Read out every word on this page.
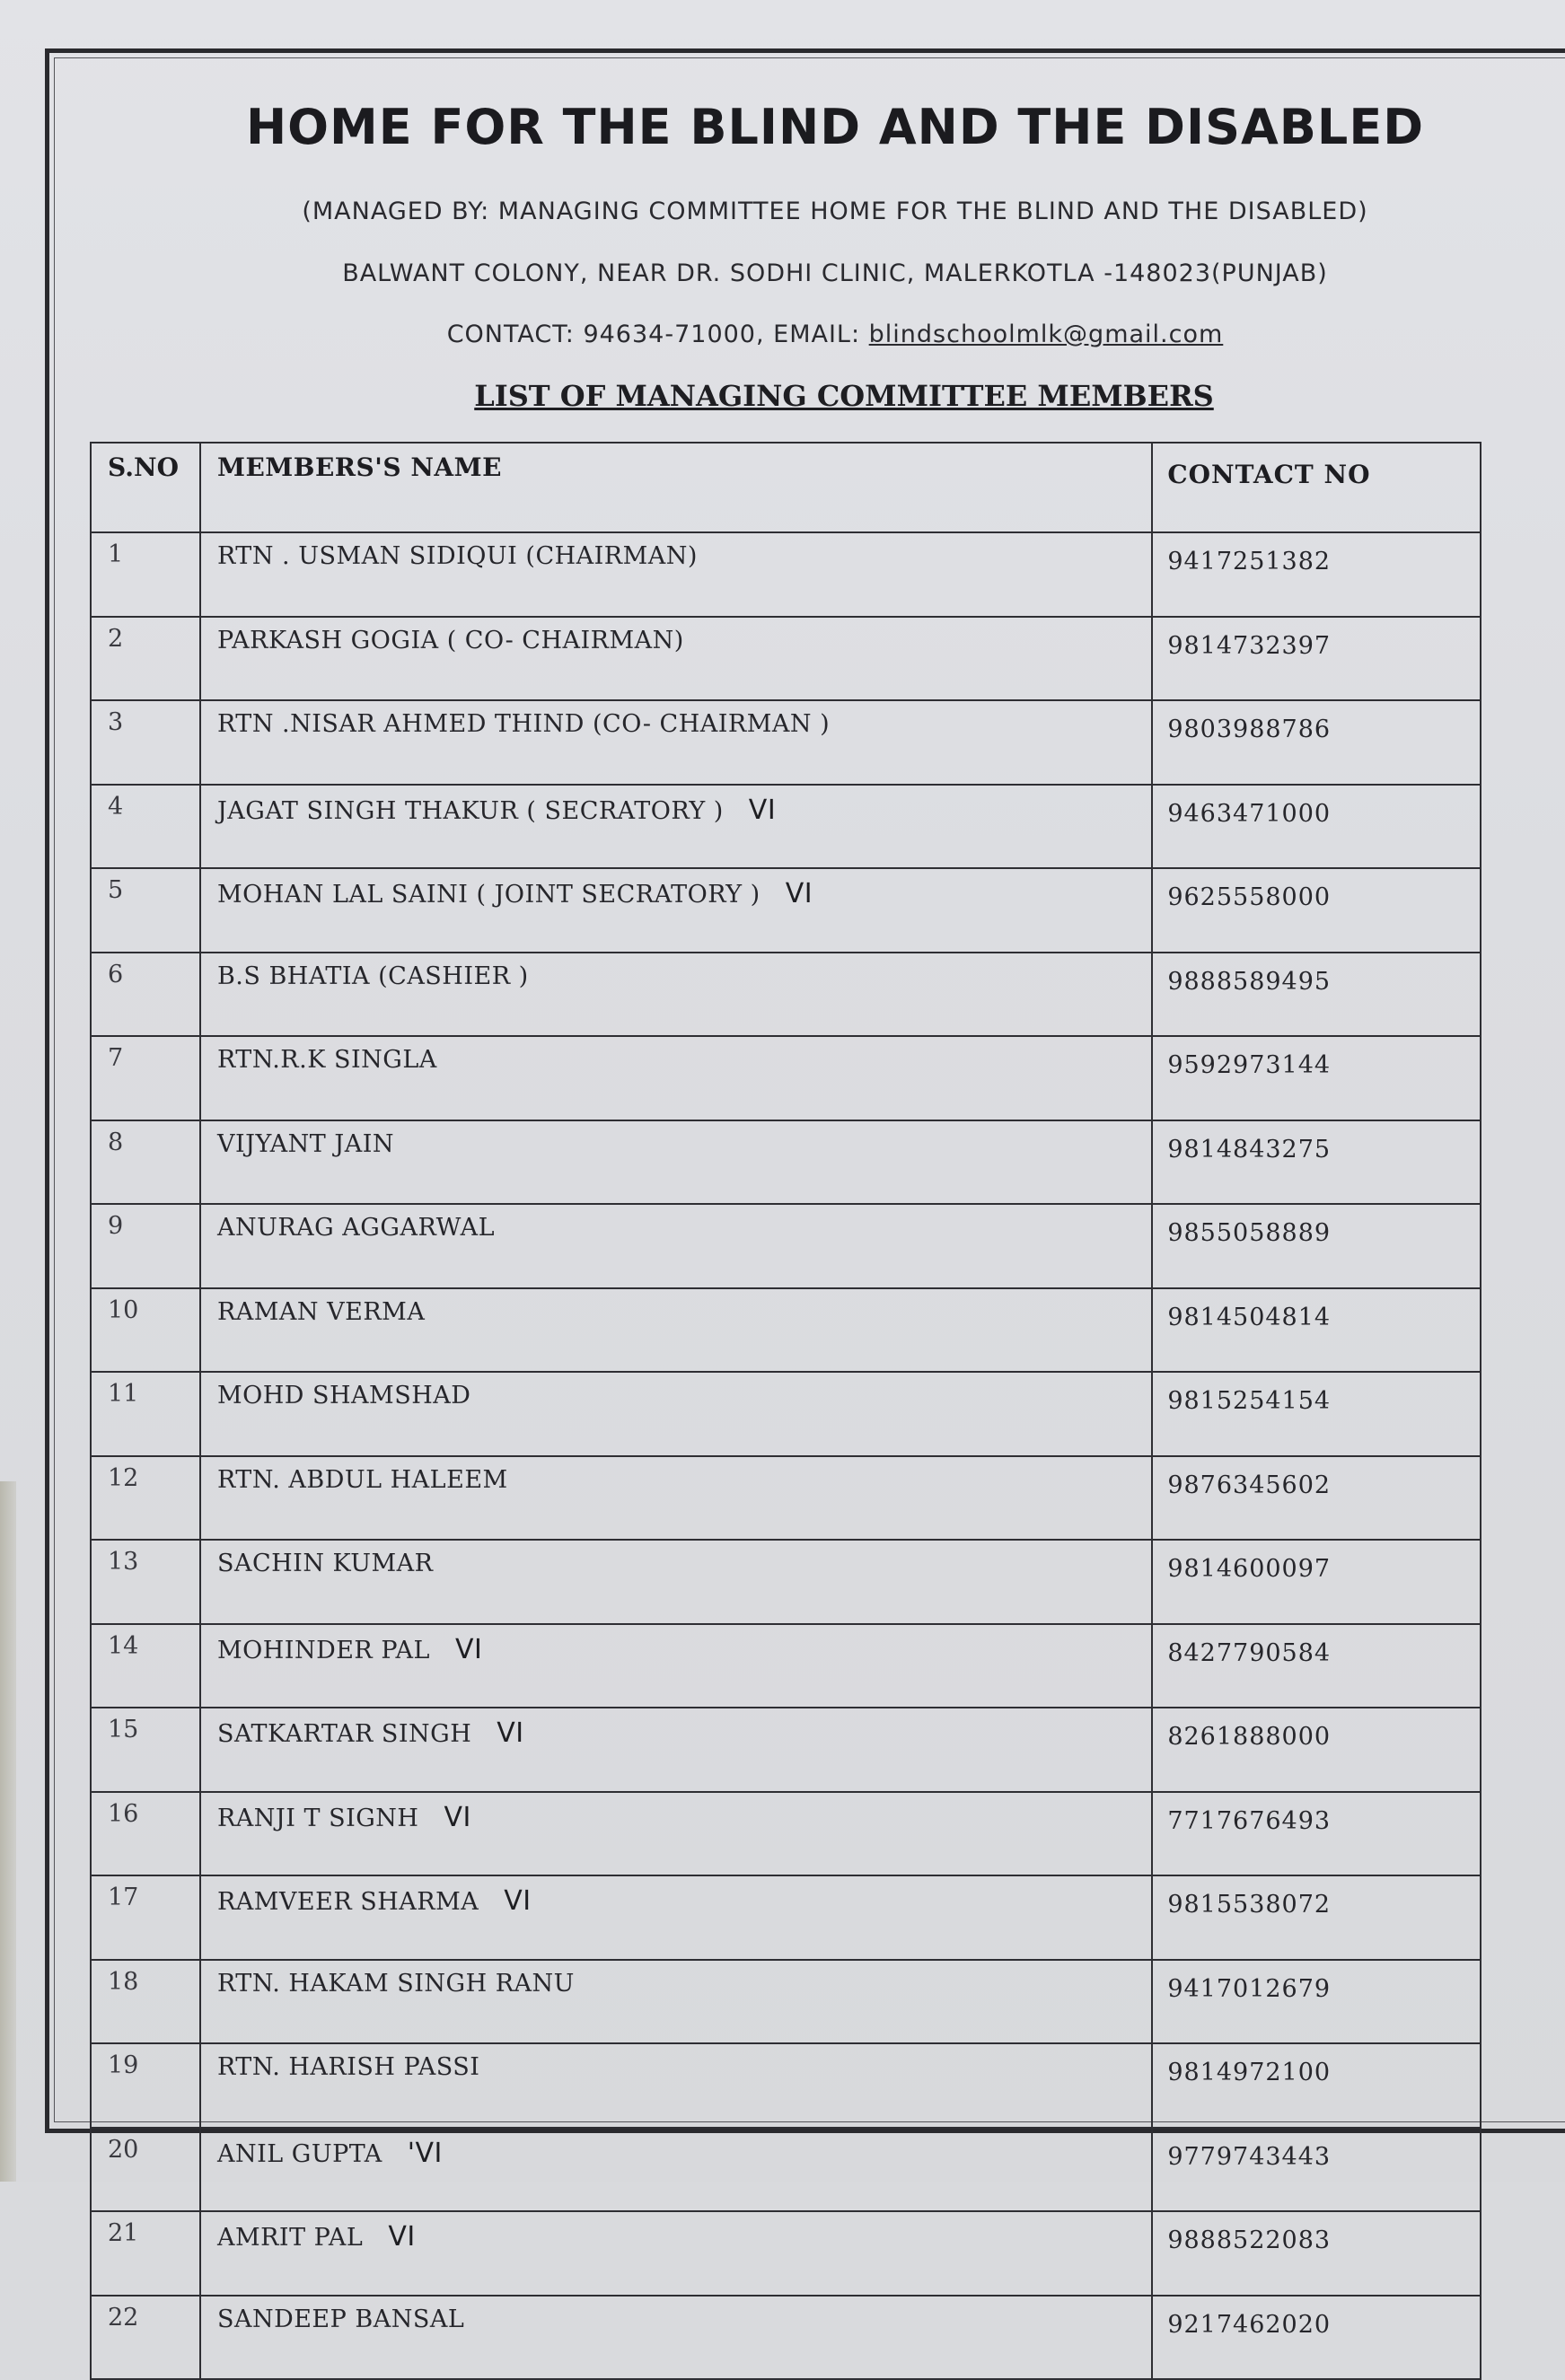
HOME FOR THE BLIND AND THE DISABLED
(MANAGED BY: MANAGING COMMITTEE HOME FOR THE BLIND AND THE DISABLED)
BALWANT COLONY, NEAR DR. SODHI CLINIC, MALERKOTLA -148023(PUNJAB)
CONTACT: 94634-71000, EMAIL: blindschoolmlk@gmail.com
LIST OF MANAGING COMMITTEE MEMBERS
S.NO	MEMBERS'S NAME	CONTACT NO
1	RTN . USMAN SIDIQUI (CHAIRMAN)	9417251382
2	PARKASH GOGIA ( CO- CHAIRMAN)	9814732397
3	RTN .NISAR AHMED THIND (CO- CHAIRMAN )	9803988786
4	JAGAT SINGH THAKUR ( SECRATORY ) VI	9463471000
5	MOHAN LAL SAINI ( JOINT SECRATORY ) VI	9625558000
6	B.S BHATIA (CASHIER )	9888589495
7	RTN.R.K SINGLA	9592973144
8	VIJYANT JAIN	9814843275
9	ANURAG AGGARWAL	9855058889
10	RAMAN VERMA	9814504814
11	MOHD SHAMSHAD	9815254154
12	RTN. ABDUL HALEEM	9876345602
13	SACHIN KUMAR	9814600097
14	MOHINDER PAL VI	8427790584
15	SATKARTAR SINGH VI	8261888000
16	RANJI T SIGNH VI	7717676493
17	RAMVEER SHARMA VI	9815538072
18	RTN. HAKAM SINGH RANU	9417012679
19	RTN. HARISH PASSI	9814972100
20	ANIL GUPTA 'VI	9779743443
21	AMRIT PAL VI	9888522083
22	SANDEEP BANSAL	9217462020
